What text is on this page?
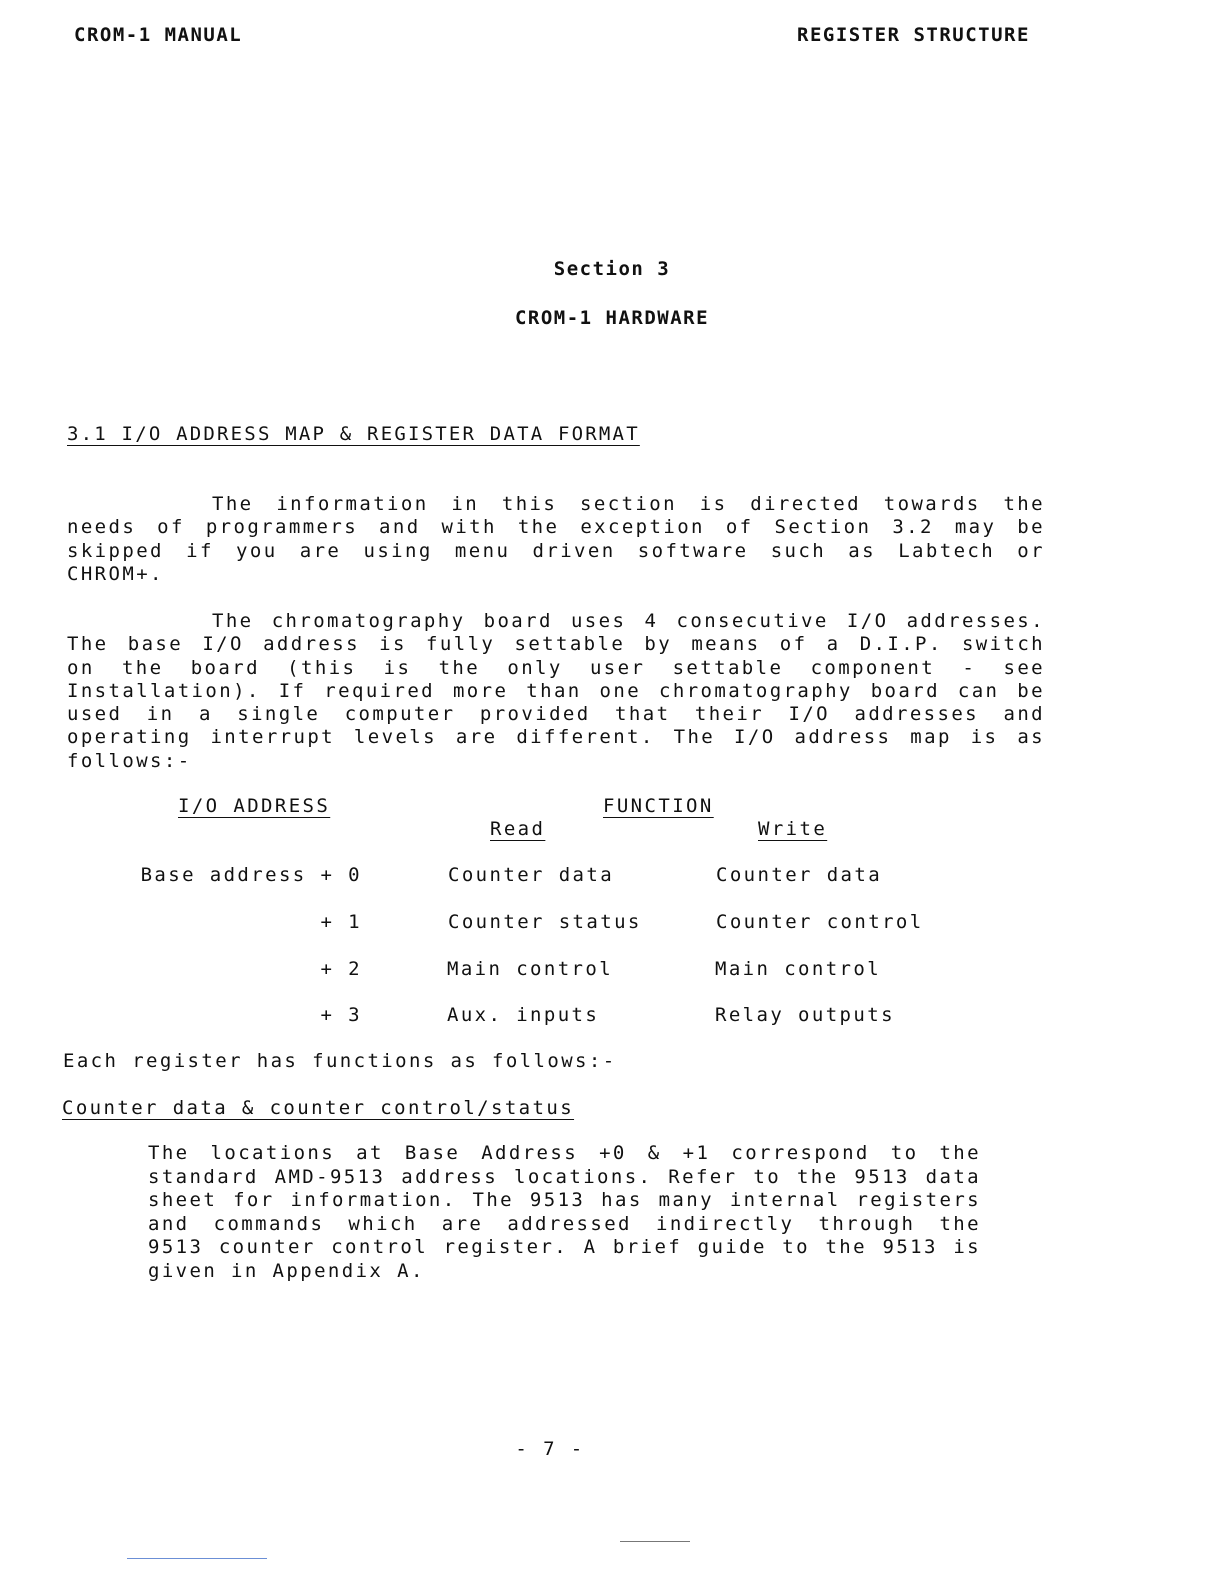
CROM-1 MANUAL	REGISTER STRUCTURE

Section 3

CROM-1 HARDWARE

3.1 I/O ADDRESS MAP & REGISTER DATA FORMAT

The information in this section is directed towards the
needs of programmers and with the exception of Section 3.2 may be
skipped if you are using menu driven software such as Labtech or
CHROM+.
The chromatography board uses 4 consecutive I/O addresses.
The base I/O address is fully settable by means of a D.I.P. switch
on the board (this is the only user settable component - see
Installation). If required more than one chromatography board can be
used in a single computer provided that their I/O addresses and
operating interrupt levels are different. The I/O address map is as
follows:-

I/O ADDRESS	FUNCTION

Read	Write

Base address + 0	Counter data	Counter data

+ 1	Counter status	Counter control

+ 2	Main control	Main control

+ 3	Aux. inputs	Relay outputs

Each register has functions as follows:-

Counter data & counter control/status

The locations at Base Address +0 & +1 correspond to the
standard AMD-9513 address locations. Refer to the 9513 data
sheet for information. The 9513 has many internal registers
and commands which are addressed indirectly through the
9513 counter control register. A brief guide to the 9513 is
given in Appendix A.

- 7 -
